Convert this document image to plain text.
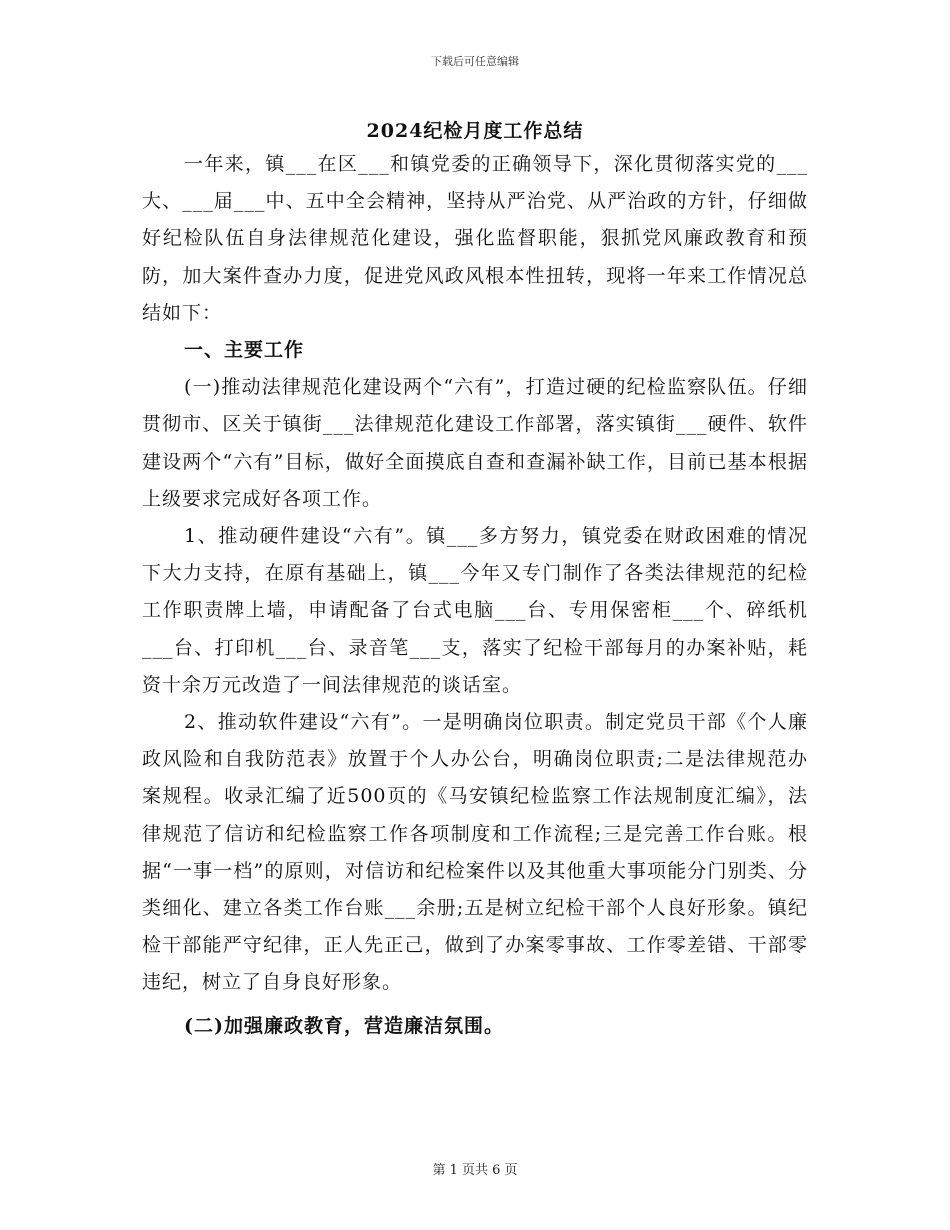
下载后可任意编辑
2024纪检月度工作总结

一年来，镇___在区___和镇党委的正确领导下，深化贯彻落实党的___大、___届___中、五中全会精神，坚持从严治党、从严治政的方针，仔细做好纪检队伍自身法律规范化建设，强化监督职能，狠抓党风廉政教育和预防，加大案件查办力度，促进党风政风根本性扭转，现将一年来工作情况总结如下：

一、主要工作

(一)推动法律规范化建设两个“六有”，打造过硬的纪检监察队伍。仔细贯彻市、区关于镇街___法律规范化建设工作部署，落实镇街___硬件、软件建设两个“六有”目标，做好全面摸底自查和查漏补缺工作，目前已基本根据上级要求完成好各项工作。

1、推动硬件建设“六有”。镇___多方努力，镇党委在财政困难的情况下大力支持，在原有基础上，镇___今年又专门制作了各类法律规范的纪检工作职责牌上墙，申请配备了台式电脑___台、专用保密柜___个、碎纸机___台、打印机___台、录音笔___支，落实了纪检干部每月的办案补贴，耗资十余万元改造了一间法律规范的谈话室。

2、推动软件建设“六有”。一是明确岗位职责。制定党员干部《个人廉政风险和自我防范表》放置于个人办公台，明确岗位职责;二是法律规范办案规程。收录汇编了近500页的《马安镇纪检监察工作法规制度汇编》，法律规范了信访和纪检监察工作各项制度和工作流程;三是完善工作台账。根据“一事一档”的原则，对信访和纪检案件以及其他重大事项能分门别类、分类细化、建立各类工作台账___余册;五是树立纪检干部个人良好形象。镇纪检干部能严守纪律，正人先正己，做到了办案零事故、工作零差错、干部零违纪，树立了自身良好形象。

(二)加强廉政教育，营造廉洁氛围。

第 1 页共 6 页
